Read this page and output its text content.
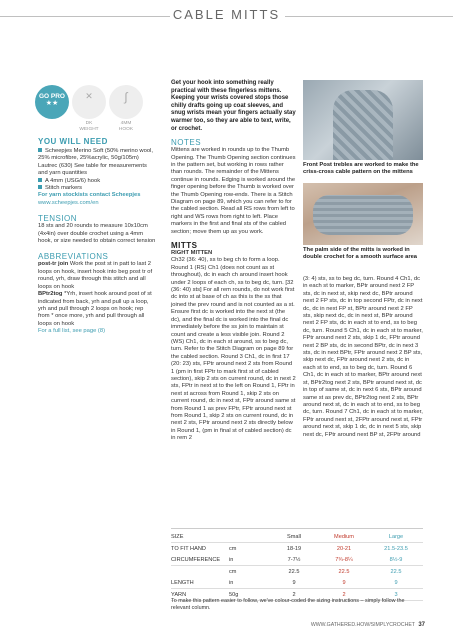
CABLE MITTS
GO PRO
★★
✕
DK
WEIGHT
∫
4MM
HOOK
YOU WILL NEED
Scheepjes Merino Soft (50% merino wool, 25% microfibre, 25%acrylic, 50g/105m) Lautrec (630) See table for measurements and yarn quantities
A 4mm (USG/6) hook
Stitch markers
For yarn stockists contact Scheepjes
www.scheepjes.com/en
TENSION

18 sts and 20 rounds to measure 10x10cm (4x4in) over double crochet using a 4mm hook, or size needed to obtain correct tension

ABBREVIATIONS

post-tr join Work the post st in patt to last 2 loops on hook, insert hook into beg post tr of round, yrh, draw through this stitch and all loops on hook

BPtr2tog *Yrh, insert hook around post of st indicated from back, yrh and pull up a loop, yrh and pull through 2 loops on hook; rep from * once more, yrh and pull through all loops on hook

For a full list, see page (8)

Get your hook into something really practical with these fingerless mittens. Keeping your wrists covered stops those chilly drafts going up coat sleeves, and snug wrists mean your fingers actually stay warmer too, so they are able to text, write, or crochet.

NOTES

Mittens are worked in rounds up to the Thumb Opening. The Thumb Opening section continues in the pattern set, but working in rows rather than rounds. The remainder of the Mittens continue in rounds. Edging is worked around the finger opening before the Thumb is worked over the Thumb Opening row-ends. There is a Stitch Diagram on page 89, which you can refer to for the cabled section. Read all RS rows from left to right and WS rows from right to left. Place markers in the first and final sts of the cabled section; move them up as you work.

MITTS
RIGHT MITTEN

Ch32 (36: 40), ss to beg ch to form a loop. Round 1 (RS) Ch1 (does not count as st throughout), dc in each ch around insert hook under 2 loops of each ch, ss to beg dc, turn. [32 (36: 40) sts] For all rem rounds, do not work first dc into st at base of ch as this is the ss that joined the prev round and is not counted as a st. Ensure first dc is worked into the next st (the dc), and the final dc is worked into the final dc immediately before the ss join to maintain st count and create a less visible join. Round 2 (WS) Ch1, dc in each st around, ss to beg dc, turn. Refer to the Stitch Diagram on page 89 for the cabled section. Round 3 Ch1, dc in first 17 (20: 23) sts, FPtr around next 2 sts from Round 1 (pm in first FPtr to mark first st of cabled section), skip 2 sts on current round, dc in next 2 sts, FPtr in next st to the left on Round 1, FPtr in next st across from Round 1, skip 2 sts on current round, dc in next st, FPtr around same st from Round 1 as prev FPtr, FPtr around next st from Round 1, skip 2 sts on current round, dc in next 2 sts, FPtr around next 2 sts directly below in Round 1, (pm in final st of cabled section) dc in rem 2

Front Post trebles are worked to make the criss-cross cable pattern on the mittens

The palm side of the mitts is worked in double crochet for a smooth surface area

(3: 4) sts, ss to beg dc, turn. Round 4 Ch1, dc in each st to marker, BPtr around next 2 FP sts, dc in next st, skip next dc, BPtr around next 2 FP sts, dc in top second FPtr, dc in next dc, dc in next FP st, BPtr around next 2 FP sts, skip next dc, dc in next st, BPtr around next 2 FP sts, dc in each st to end, ss to beg dc, turn. Round 5 Ch1, dc in each st to marker, FPtr around next 2 sts, skip 1 dc, FPtr around next 2 BP sts, dc in second BPtr, dc in next 3 sts, dc in next BPtr, FPtr around next 2 BP sts, skip next dc, FPtr around next 2 sts, dc in each st to end, ss to beg dc, turn. Round 6 Ch1, dc in each st to marker, BPtr around next st, BPtr2tog next 2 sts, BPtr around next st, dc in top of same st, dc in next 6 sts, BPtr around same st as prev dc, BPtr2tog next 2 sts, BPtr around next st, dc in each st to end, ss to beg dc, turn. Round 7 Ch1, dc in each st to marker, FPtr around next st, 2FPtr around next st, FPtr around next st, skip 1 dc, dc in next 5 sts, skip next dc, FPtr around next BP st, 2FPtr around

SIZE		Small	Medium	Large
TO FIT HAND	cm	18-19	20-21	21.5-23.5
CIRCUMFERENCE	in	7-7½	7¾-8¼	8½-9
	cm	22.5	22.5	22.5
LENGTH	in	9	9	9
YARN	50g	2	2	3

To make this pattern easier to follow, we've colour-coded the sizing instructions – simply follow the relevant column.

WWW.GATHERED.HOW/SIMPLYCROCHET 37
